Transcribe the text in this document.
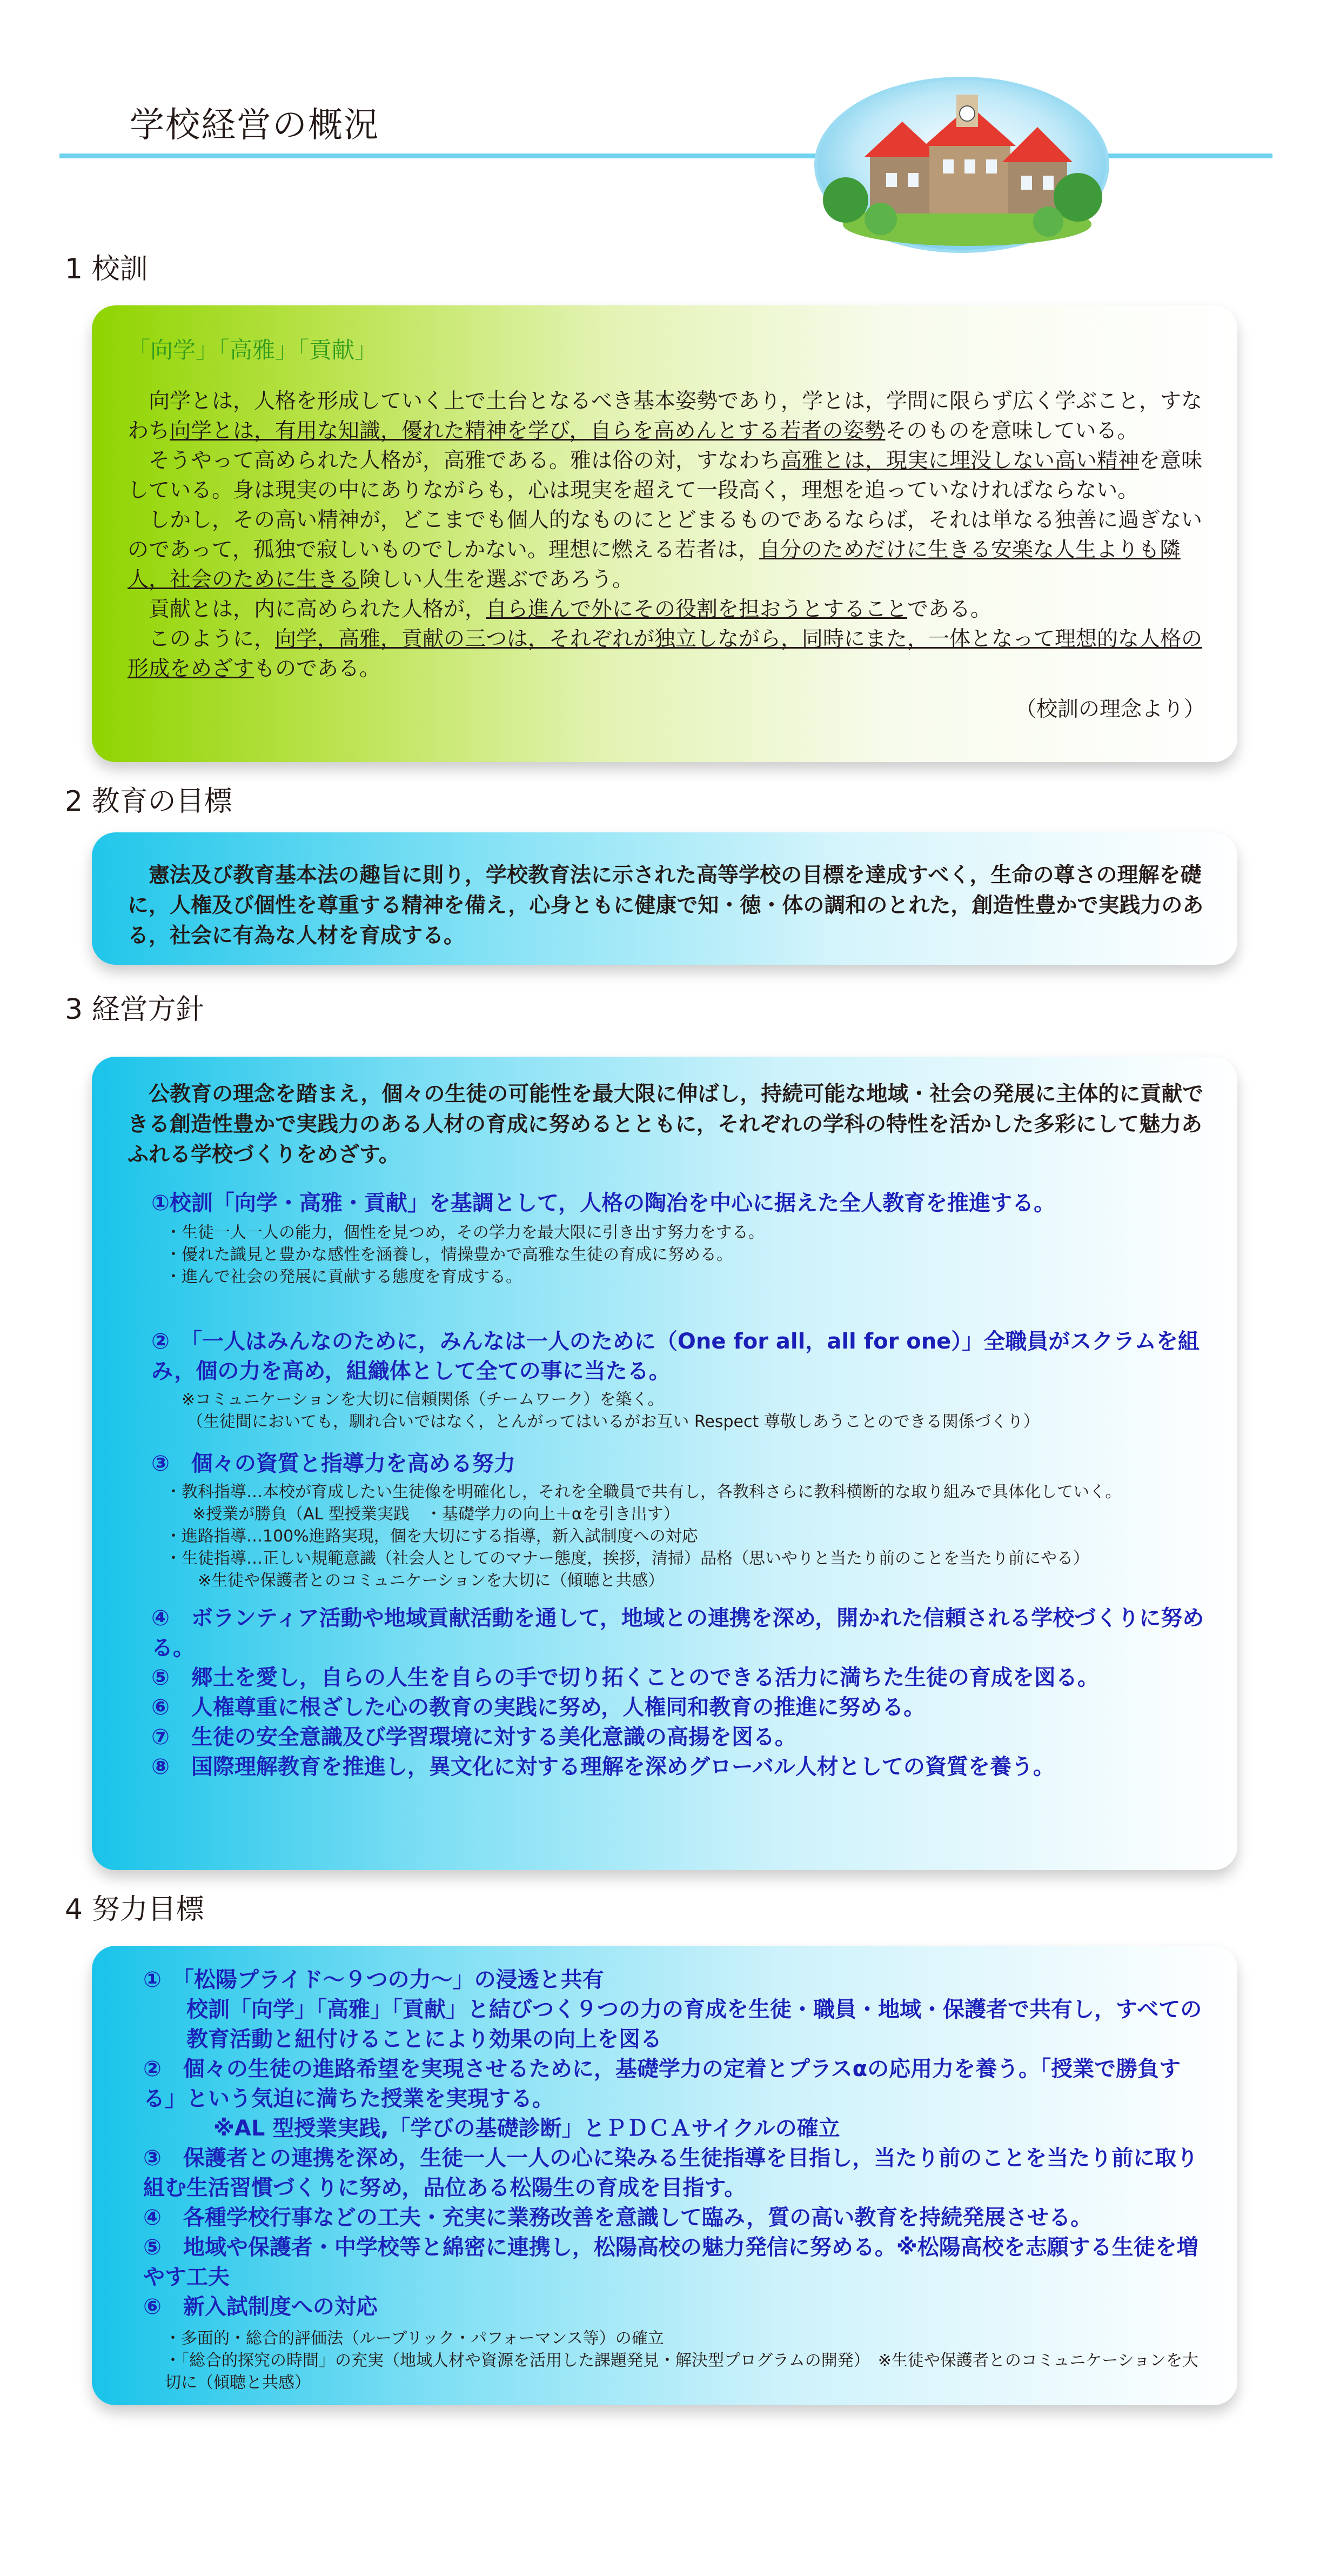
学校経営の概況
1 校訓
「向学」「高雅」「貢献」

向学とは，人格を形成していく上で土台となるべき基本姿勢であり，学とは，学問に限らず広く学ぶこと，すなわち向学とは，有用な知識，優れた精神を学び，自らを高めんとする若者の姿勢そのものを意味している。

そうやって高められた人格が，高雅である。雅は俗の対，すなわち高雅とは，現実に埋没しない高い精神を意味している。身は現実の中にありながらも，心は現実を超えて一段高く，理想を追っていなければならない。

しかし，その高い精神が，どこまでも個人的なものにとどまるものであるならば，それは単なる独善に過ぎないのであって，孤独で寂しいものでしかない。理想に燃える若者は，自分のためだけに生きる安楽な人生よりも隣人，社会のために生きる険しい人生を選ぶであろう。

貢献とは，内に高められた人格が，自ら進んで外にその役割を担おうとすることである。

このように，向学，高雅，貢献の三つは，それぞれが独立しながら，同時にまた，一体となって理想的な人格の形成をめざすものである。

（校訓の理念より）
2 教育の目標

憲法及び教育基本法の趣旨に則り，学校教育法に示された高等学校の目標を達成すべく，生命の尊さの理解を礎に，人権及び個性を尊重する精神を備え，心身ともに健康で知・徳・体の調和のとれた，創造性豊かで実践力のある，社会に有為な人材を育成する。

3 経営方針

公教育の理念を踏まえ，個々の生徒の可能性を最大限に伸ばし，持続可能な地域・社会の発展に主体的に貢献できる創造性豊かで実践力のある人材の育成に努めるとともに，それぞれの学科の特性を活かした多彩にして魅力あふれる学校づくりをめざす。

①校訓「向学・高雅・貢献」を基調として，人格の陶冶を中心に据えた全人教育を推進する。
・生徒一人一人の能力，個性を見つめ，その学力を最大限に引き出す努力をする。
・優れた識見と豊かな感性を涵養し，情操豊かで高雅な生徒の育成に努める。
・進んで社会の発展に貢献する態度を育成する。
②　「一人はみんなのために，みんなは一人のために（One for all，all for one）」全職員がスクラムを組み，個の力を高め，組織体として全ての事に当たる。
※コミュニケーションを大切に信頼関係（チームワーク）を築く。
（生徒間においても，馴れ合いではなく，とんがってはいるがお互い Respect 尊敬しあうことのできる関係づくり）
③　個々の資質と指導力を高める努力
・教科指導…本校が育成したい生徒像を明確化し，それを全職員で共有し，各教科さらに教科横断的な取り組みで具体化していく。
※授業が勝負（AL 型授業実践　・基礎学力の向上＋αを引き出す）
・進路指導…100%進路実現，個を大切にする指導，新入試制度への対応
・生徒指導…正しい規範意識（社会人としてのマナー態度，挨拶，清掃）品格（思いやりと当たり前のことを当たり前にやる）
※生徒や保護者とのコミュニケーションを大切に（傾聴と共感）
④　ボランティア活動や地域貢献活動を通して，地域との連携を深め，開かれた信頼される学校づくりに努める。
⑤　郷土を愛し，自らの人生を自らの手で切り拓くことのできる活力に満ちた生徒の育成を図る。
⑥　人権尊重に根ざした心の教育の実践に努め，人権同和教育の推進に努める。
⑦　生徒の安全意識及び学習環境に対する美化意識の高揚を図る。
⑧　国際理解教育を推進し，異文化に対する理解を深めグローバル人材としての資質を養う。
4 努力目標
①　「松陽プライド～９つの力～」の浸透と共有
校訓「向学」「高雅」「貢献」と結びつく９つの力の育成を生徒・職員・地域・保護者で共有し，すべての教育活動と紐付けることにより効果の向上を図る
②　個々の生徒の進路希望を実現させるために，基礎学力の定着とプラスαの応用力を養う。「授業で勝負する」という気迫に満ちた授業を実現する。
※AL 型授業実践,「学びの基礎診断」とＰＤＣＡサイクルの確立
③　保護者との連携を深め，生徒一人一人の心に染みる生徒指導を目指し，当たり前のことを当たり前に取り組む生活習慣づくりに努め，品位ある松陽生の育成を目指す。
④　各種学校行事などの工夫・充実に業務改善を意識して臨み，質の高い教育を持続発展させる。
⑤　地域や保護者・中学校等と綿密に連携し，松陽高校の魅力発信に努める。※松陽高校を志願する生徒を増やす工夫
⑥　新入試制度への対応
・多面的・総合的評価法（ルーブリック・パフォーマンス等）の確立
・「総合的探究の時間」の充実（地域人材や資源を活用した課題発見・解決型プログラムの開発）　※生徒や保護者とのコミュニケーションを大切に（傾聴と共感）
